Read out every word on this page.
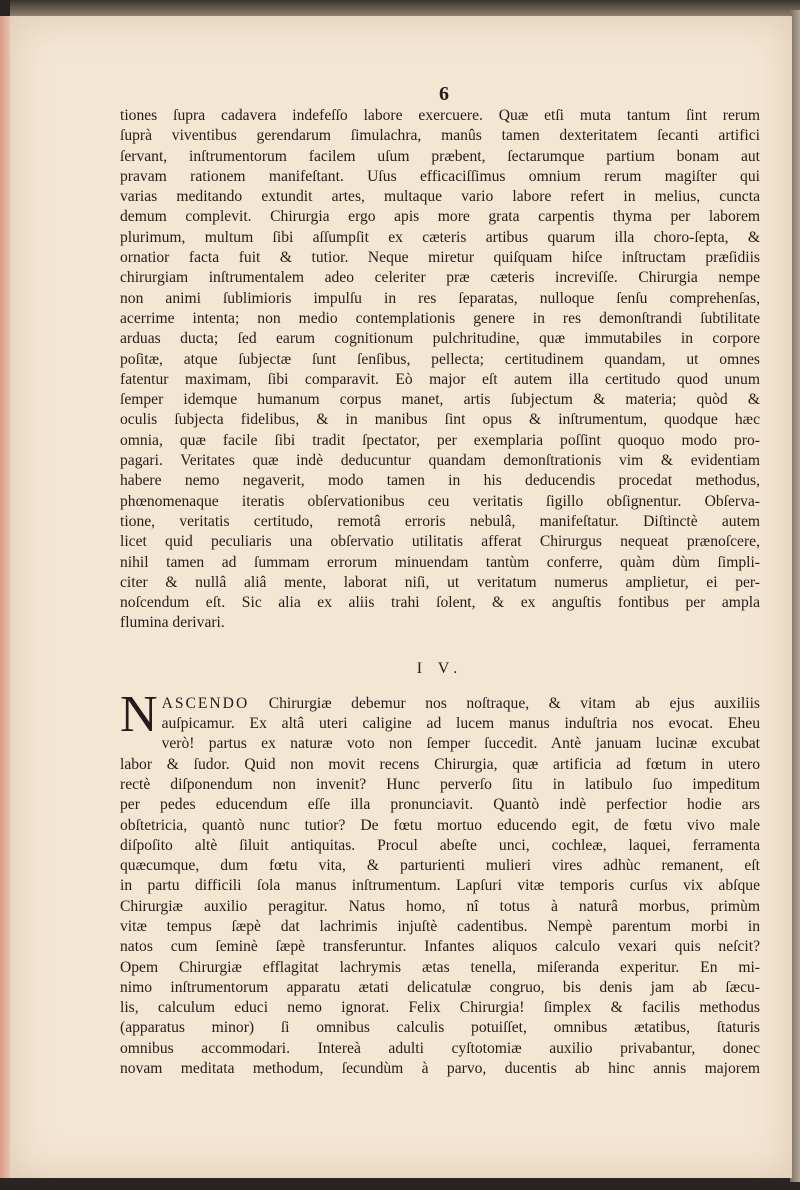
6

tiones ſupra cadavera indefeſſo labore exercuere. Quæ etſi muta tantum ſint rerum
ſuprà viventibus gerendarum ſimulachra, manûs tamen dexteritatem ſecanti artifici
ſervant, inſtrumentorum facilem uſum præbent, ſectarumque partium bonam aut
pravam rationem manifeſtant. Uſus efficaciſſimus omnium rerum magiſter qui
varias meditando extundit artes, multaque vario labore refert in melius, cuncta
demum complevit. Chirurgia ergo apis more grata carpentis thyma per laborem
plurimum, multum ſibi aſſumpſit ex cæteris artibus quarum illa choro-ſepta, &
ornatior facta fuit & tutior. Neque miretur quiſquam hiſce inſtructam præſidiis
chirurgiam inſtrumentalem adeo celeriter præ cæteris increviſſe. Chirurgia nempe
non animi ſublimioris impulſu in res ſeparatas, nulloque ſenſu comprehenſas,
acerrime intenta; non medio contemplationis genere in res demonſtrandi ſubtilitate
arduas ducta; ſed earum cognitionum pulchritudine, quæ immutabiles in corpore
poſitæ, atque ſubjectæ ſunt ſenſibus, pellecta; certitudinem quandam, ut omnes
fatentur maximam, ſibi comparavit. Eò major eſt autem illa certitudo quod unum
ſemper idemque humanum corpus manet, artis ſubjectum & materia; quòd &
oculis ſubjecta fidelibus, & in manibus ſint opus & inſtrumentum, quodque hæc
omnia, quæ facile ſibi tradit ſpectator, per exemplaria poſſint quoquo modo pro-
pagari. Veritates quæ indè deducuntur quandam demonſtrationis vim & evidentiam
habere nemo negaverit, modo tamen in his deducendis procedat methodus,
phœnomenaque iteratis obſervationibus ceu veritatis ſigillo obſignentur. Obſerva-
tione, veritatis certitudo, remotâ erroris nebulâ, manifeſtatur. Diſtinctè autem
licet quid peculiaris una obſervatio utilitatis afferat Chirurgus nequeat prænoſcere,
nihil tamen ad ſummam errorum minuendam tantùm conferre, quàm dùm ſimpli-
citer & nullâ aliâ mente, laborat niſi, ut veritatum numerus amplietur, ei per-
noſcendum eſt. Sic alia ex aliis trahi ſolent, & ex anguſtis fontibus per ampla
flumina derivari.

I V.

N ASCENDO Chirurgiæ debemur nos noſtraque, & vitam ab ejus auxiliis
auſpicamur. Ex altâ uteri caligine ad lucem manus induſtria nos evocat. Eheu
verò! partus ex naturæ voto non ſemper ſuccedit. Antè januam lucinæ excubat
labor & ſudor. Quid non movit recens Chirurgia, quæ artificia ad fœtum in utero
rectè diſponendum non invenit? Hunc perverſo ſitu in latibulo ſuo impeditum
per pedes educendum eſſe illa pronunciavit. Quantò indè perfectior hodie ars
obſtetricia, quantò nunc tutior? De fœtu mortuo educendo egit, de fœtu vivo male
diſpoſito altè ſiluit antiquitas. Procul abeſte unci, cochleæ, laquei, ferramenta
quæcumque, dum fœtu vita, & parturienti mulieri vires adhùc remanent, eſt
in partu difficili ſola manus inſtrumentum. Lapſuri vitæ temporis curſus vix abſque
Chirurgiæ auxilio peragitur. Natus homo, nî totus à naturâ morbus, primùm
vitæ tempus ſæpè dat lachrimis injuſtè cadentibus. Nempè parentum morbi in
natos cum ſeminè ſæpè transferuntur. Infantes aliquos calculo vexari quis neſcit?
Opem Chirurgiæ efflagitat lachrymis ætas tenella, miſeranda experitur. En mi-
nimo inſtrumentorum apparatu ætati delicatulæ congruo, bis denis jam ab ſæcu-
lis, calculum educi nemo ignorat. Felix Chirurgia! ſimplex & facilis methodus
(apparatus minor) ſi omnibus calculis potuiſſet, omnibus ætatibus, ſtaturis
omnibus accommodari. Intereà adulti cyſtotomiæ auxilio privabantur, donec
novam meditata methodum, ſecundùm à parvo, ducentis ab hinc annis majorem
